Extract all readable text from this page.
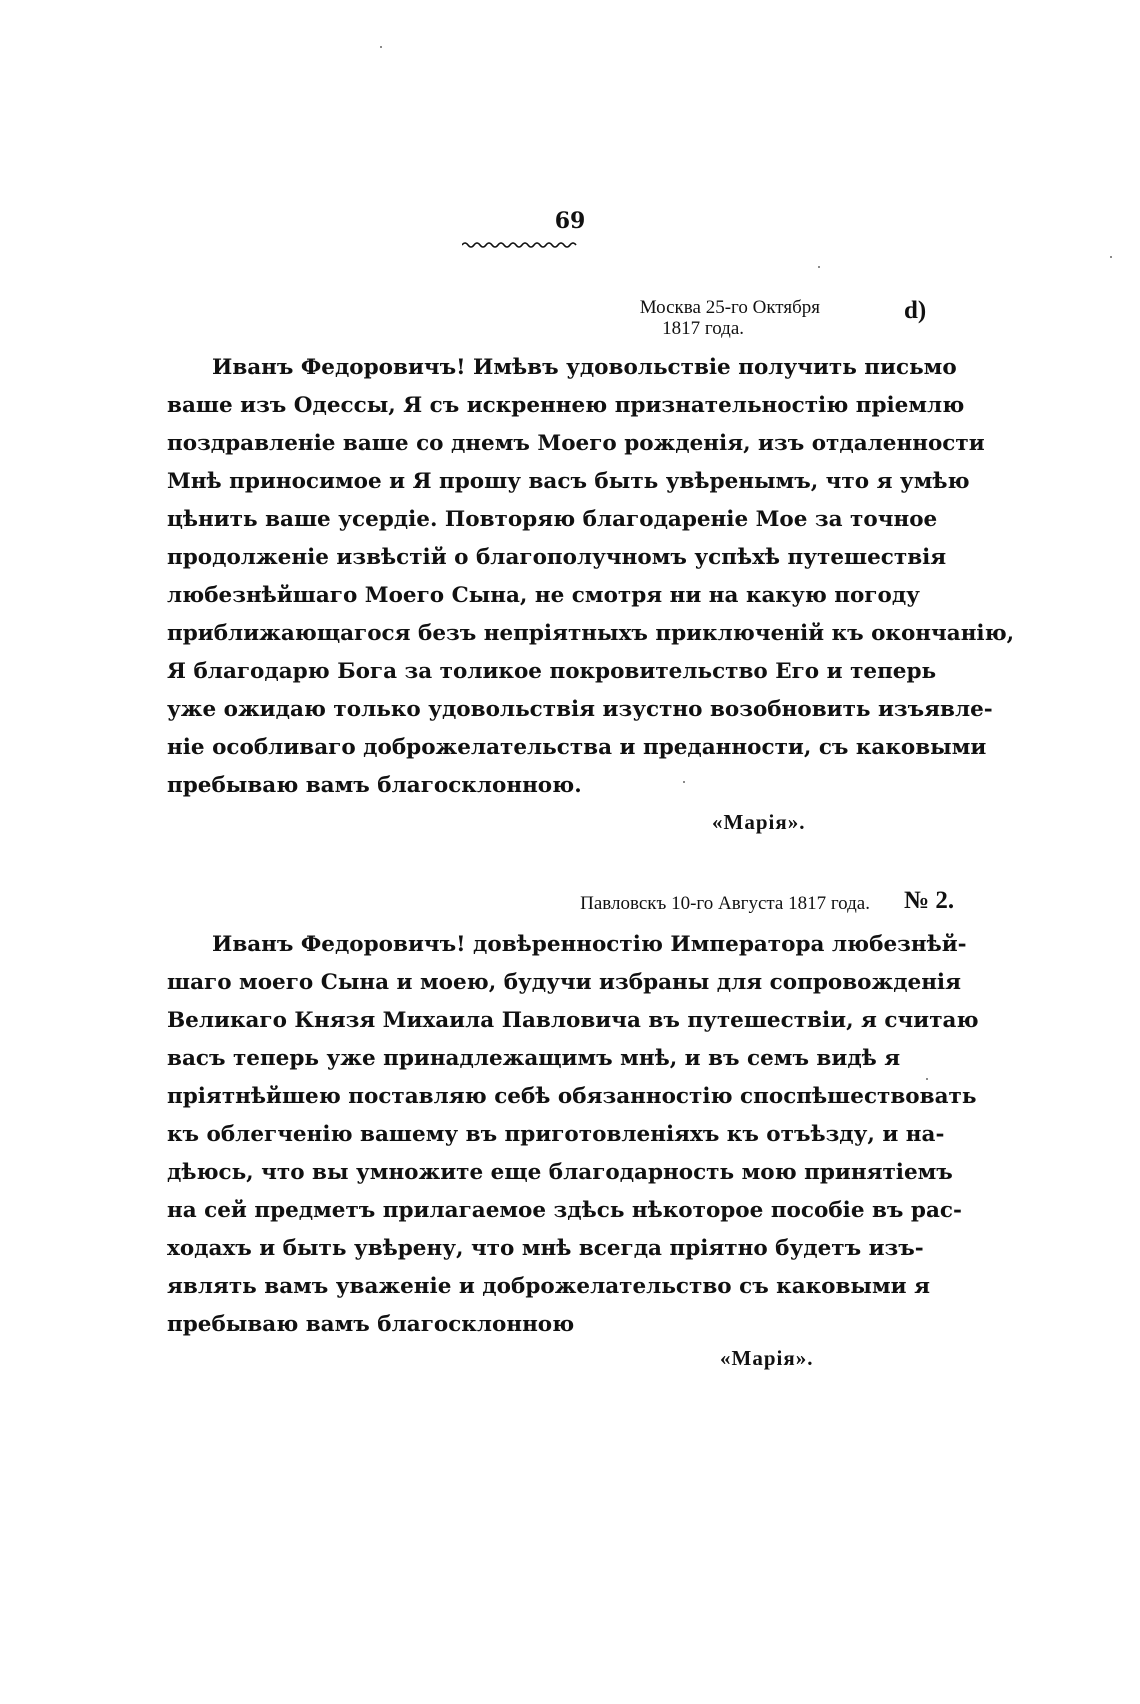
69
Москва 25-го Октября
1817 года.
d)
Иванъ Федоровичъ! Имѣвъ удовольствіе получить письмо
ваше изъ Одессы, Я съ искреннею признательностію пріемлю
поздравленіе ваше со днемъ Моего рожденія, изъ отдаленности
Мнѣ приносимое и Я прошу васъ быть увѣренымъ, что я умѣю
цѣнить ваше усердіе. Повторяю благодареніе Мое за точное
продолженіе извѣстій о благополучномъ успѣхѣ путешествія
любезнѣйшаго Моего Сына, не смотря ни на какую погоду
приближающагося безъ непріятныхъ приключеній къ окончанію,
Я благодарю Бога за толикое покровительство Его и теперь
уже ожидаю только удовольствія изустно возобновить изъявле-
ніе особливаго доброжелательства и преданности, съ каковыми
пребываю вамъ благосклонною.
«Марія».
Павловскъ 10-го Августа 1817 года. № 2.
Иванъ Федоровичъ! довѣренностію Императора любезнѣй-
шаго моего Сына и моею, будучи избраны для сопровожденія
Великаго Князя Михаила Павловича въ путешествіи, я считаю
васъ теперь уже принадлежащимъ мнѣ, и въ семъ видѣ я
пріятнѣйшею поставляю себѣ обязанностію споспѣшествовать
къ облегченію вашему въ приготовленіяхъ къ отъѣзду, и на-
дѣюсь, что вы умножите еще благодарность мою принятіемъ
на сей предметъ прилагаемое здѣсь нѣкоторое пособіе въ рас-
ходахъ и быть увѣрену, что мнѣ всегда пріятно будетъ изъ-
являть вамъ уваженіе и доброжелательство съ каковыми я
пребываю вамъ благосклонною
«Марія».
